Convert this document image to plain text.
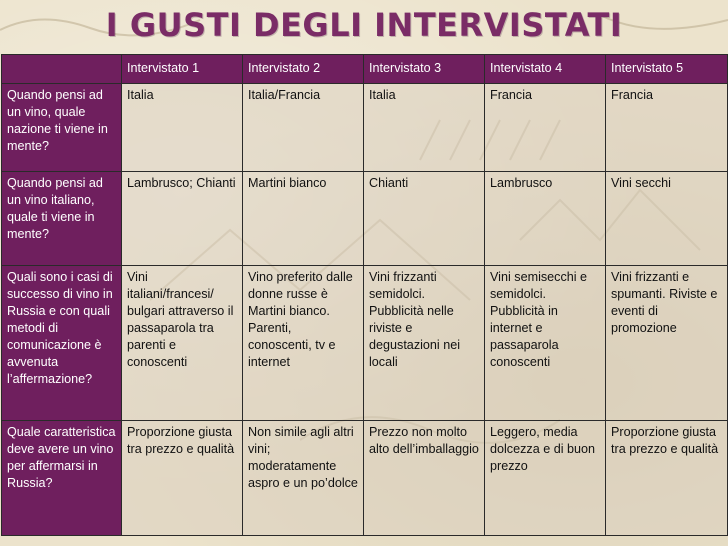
I GUSTI DEGLI INTERVISTATI
	Intervistato 1	Intervistato 2	Intervistato 3	Intervistato 4	Intervistato 5
Quando pensi ad un vino, quale nazione ti viene in mente?	Italia	Italia/Francia	Italia	Francia	Francia
Quando pensi ad un vino italiano, quale ti viene in mente?	Lambrusco; Chianti	Martini bianco	Chianti	Lambrusco	Vini secchi
Quali sono i casi di successo di vino in Russia e con quali metodi di comunicazione è avvenuta l’affermazione?	Vini italiani/francesi/ bulgari attraverso il passaparola tra parenti e conoscenti	Vino preferito dalle donne russe è Martini bianco. Parenti, conoscenti, tv e internet	Vini frizzanti semidolci. Pubblicità nelle riviste e degustazioni nei locali	Vini semisecchi e semidolci. Pubblicità in internet e passaparola conoscenti	Vini frizzanti e spumanti. Riviste e eventi di promozione
Quale caratteristica deve avere un vino per affermarsi in Russia?	Proporzione giusta tra prezzo e qualità	Non simile agli altri vini; moderatamente aspro e un po’dolce	Prezzo non molto alto dell’imballaggio	Leggero, media dolcezza e di buon prezzo	Proporzione giusta tra prezzo e qualità
